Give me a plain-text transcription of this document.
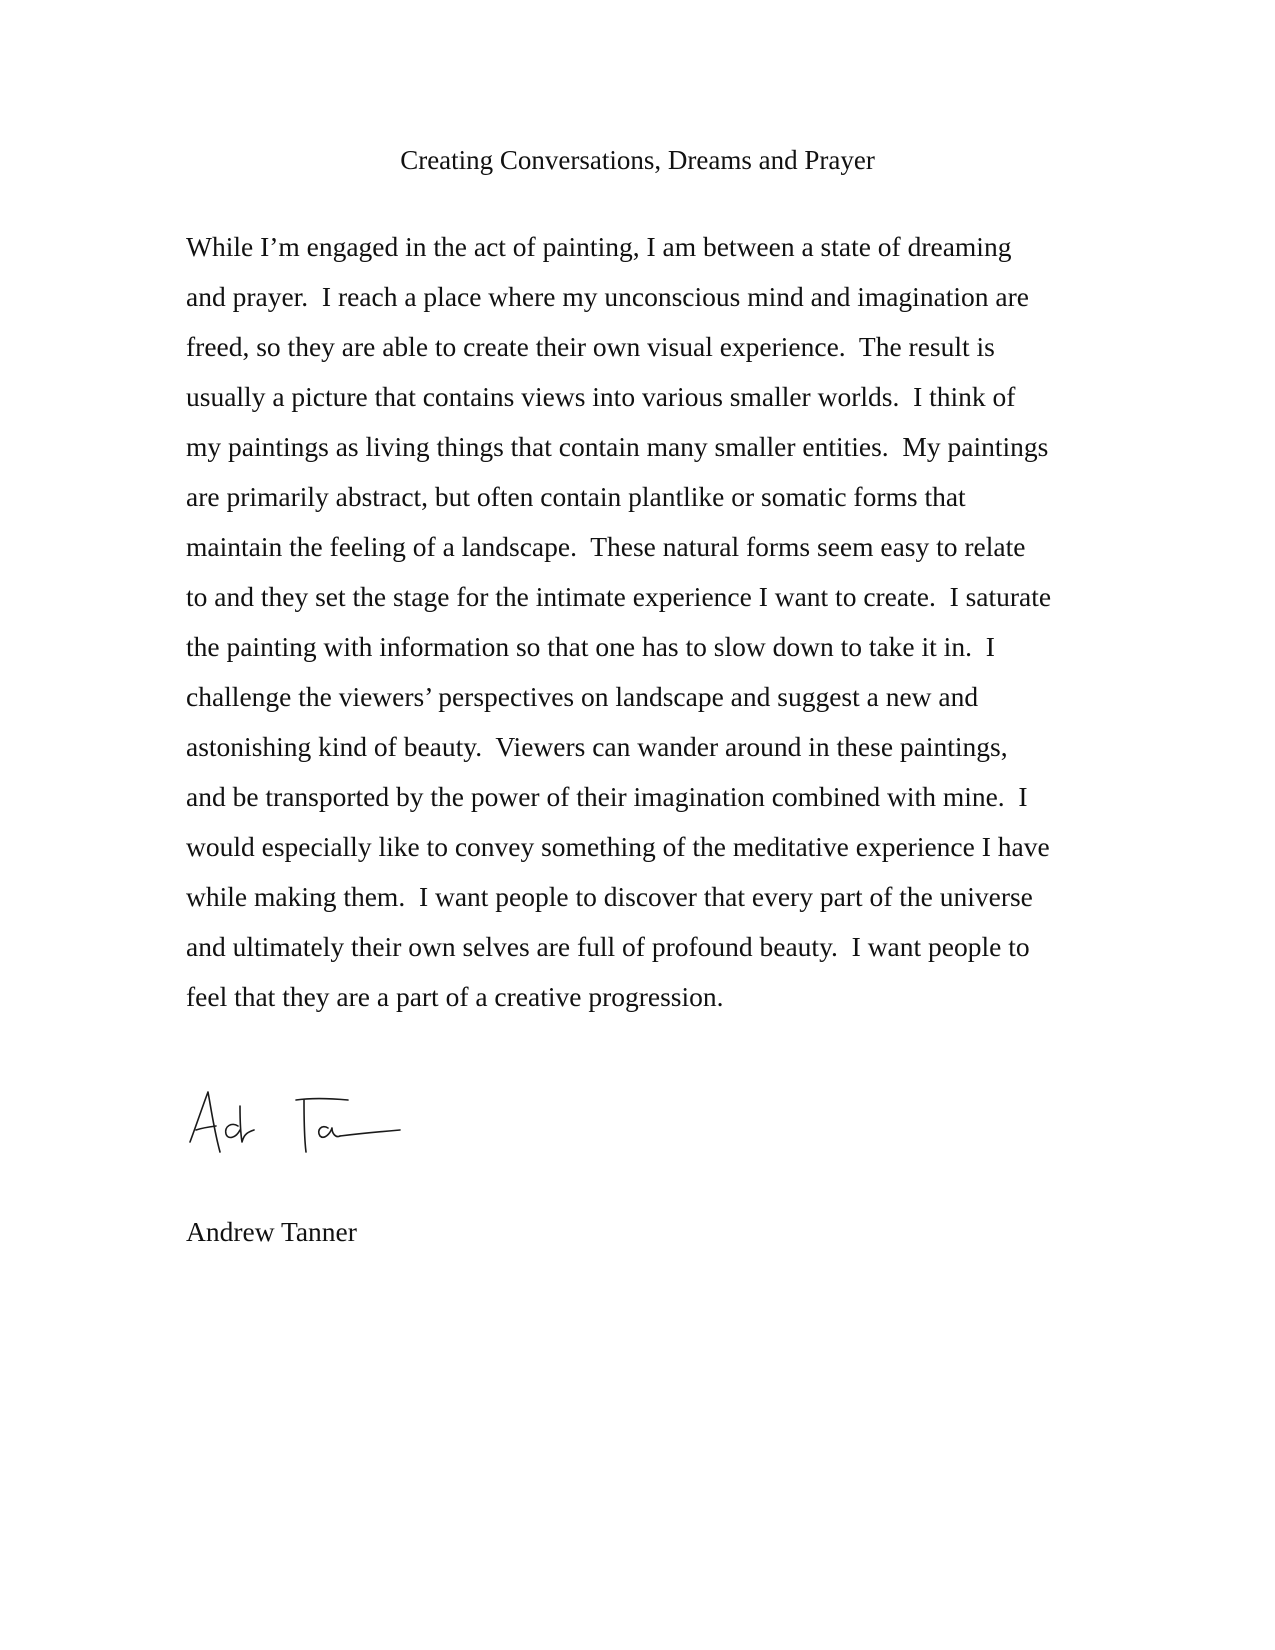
Creating Conversations, Dreams and Prayer
While I’m engaged in the act of painting, I am between a state of dreaming
and prayer.  I reach a place where my unconscious mind and imagination are
freed, so they are able to create their own visual experience.  The result is
usually a picture that contains views into various smaller worlds.  I think of
my paintings as living things that contain many smaller entities.  My paintings
are primarily abstract, but often contain plantlike or somatic forms that
maintain the feeling of a landscape.  These natural forms seem easy to relate
to and they set the stage for the intimate experience I want to create.  I saturate
the painting with information so that one has to slow down to take it in.  I
challenge the viewers’ perspectives on landscape and suggest a new and
astonishing kind of beauty.  Viewers can wander around in these paintings,
and be transported by the power of their imagination combined with mine.  I
would especially like to convey something of the meditative experience I have
while making them.  I want people to discover that every part of the universe
and ultimately their own selves are full of profound beauty.  I want people to
feel that they are a part of a creative progression.

Andrew Tanner
